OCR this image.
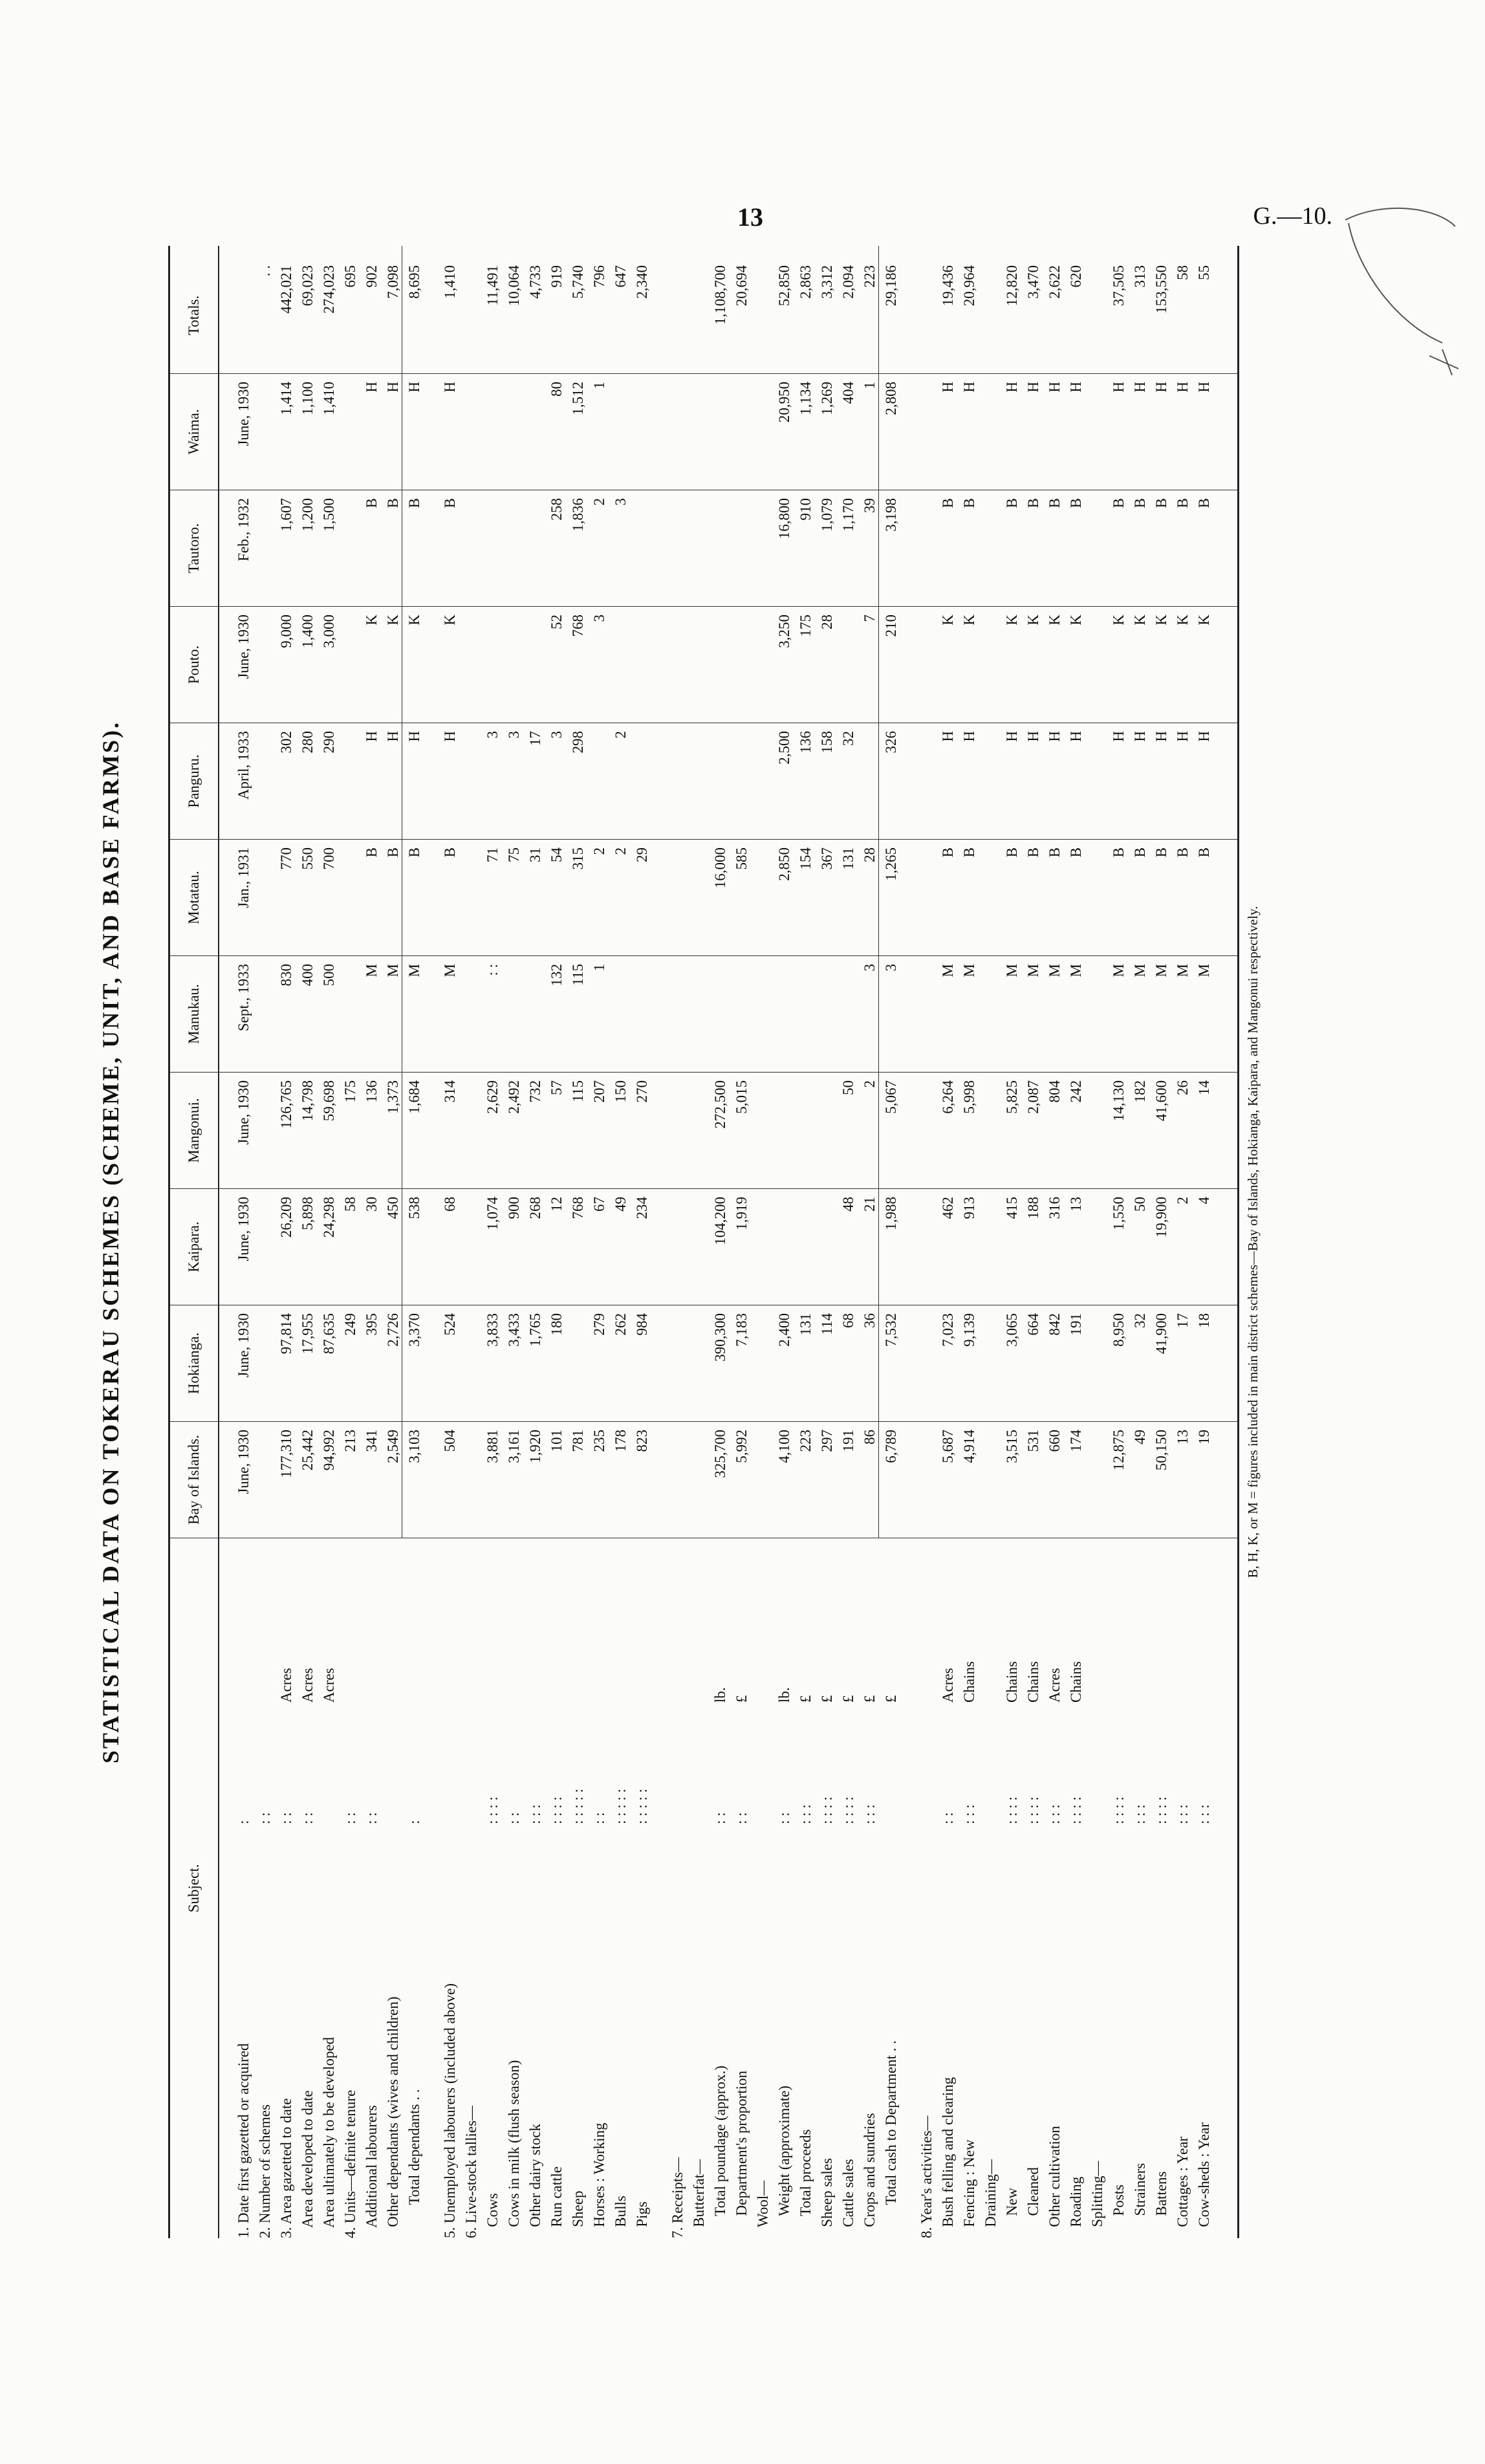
13	G.—10.
STATISTICAL DATA ON TOKERAU SCHEMES (SCHEME, UNIT, AND BASE FARMS).
Subject.
Bay of Islands.
Hokianga.
Kaipara.
Mangonui.
Manukau.
Motatau.
Panguru.
Pouto.
Tautoro.
Waima.
Totals.
1. Date first gazetted or acquired
:
June, 1930
June, 1930
June, 1930
June, 1930
Sept., 1933
Jan., 1931
April, 1933
June, 1930
Feb., 1932
June, 1930
2. Number of schemes
: :
. .
3. Area gazetted to date
: :
Acres
177,310
97,814
26,209
126,765
830
770
302
9,000
1,607
1,414
442,021
Area developed to date
: :
Acres
25,442
17,955
5,898
14,798
400
550
280
1,400
1,200
1,100
69,023
Area ultimately to be developed
Acres
94,992
87,635
24,298
59,698
500
700
290
3,000
1,500
1,410
274,023
4. Units—definite tenure
: :
213
249
58
175
695
Additional labourers
: :
341
395
30
136
M
B
H
K
B
H
902
Other dependants (wives and children)
2,549
2,726
450
1,373
M
B
H
K
B
H
7,098
Total dependants . .
:
3,103
3,370
538
1,684
M
B
H
K
B
H
8,695
5. Unemployed labourers (included above)
504
524
68
314
M
B
H
K
B
H
1,410
6. Live-stock tallies— Cows
: : : :
3,881
3,833
1,074
2,629
: :
71
3
11,491
Cows in milk (flush season)
: :
3,161
3,433
900
2,492
75
3
10,064
Other dairy stock
: : :
1,920
1,765
268
732
31
17
4,733
Run cattle
: : : :
101
180
12
57
132
54
3
52
258
80
919
Sheep
: : : : :
781
768
115
115
315
298
768
1,836
1,512
5,740
Horses : Working
: :
235
279
67
207
1
2
3
2
1
796
Bulls
: : : : :
178
262
49
150
2
2
3
647
Pigs
: : : : :
823
984
234
270
29
2,340
7. Receipts— Butterfat— Total poundage (approx.)
: :
lb.
325,700
390,300
104,200
272,500
16,000
1,108,700
Department's proportion
: :
£
5,992
7,183
1,919
5,015
585
20,694
Wool— Weight (approximate)
: :
lb.
4,100
2,400
2,850
2,500
3,250
16,800
20,950
52,850
Total proceeds
: : :
£
223
131
154
136
175
910
1,134
2,863
Sheep sales
: : : :
£
297
114
367
158
28
1,079
1,269
3,312
Cattle sales
: : : :
£
191
68
48
50
131
32
1,170
404
2,094
Crops and sundries
: : :
£
86
36
21
2
3
28
7
39
1
223
Total cash to Department . .
£
6,789
7,532
1,988
5,067
3
1,265
326
210
3,198
2,808
29,186
8. Year's activities— Bush felling and clearing
: :
Acres
5,687
7,023
462
6,264
M
B
H
K
B
H
19,436
Fencing : New
: : :
Chains
4,914
9,139
913
5,998
M
B
H
K
B
H
20,964
Draining— New
: : : :
Chains
3,515
3,065
415
5,825
M
B
H
K
B
H
12,820
Cleaned
: : : :
Chains
531
664
188
2,087
M
B
H
K
B
H
3,470
Other cultivation
: : :
Acres
660
842
316
804
M
B
H
K
B
H
2,622
Roading
: : : :
Chains
174
191
13
242
M
B
H
K
B
H
620
Splitting— Posts
: : : :
12,875
8,950
1,550
14,130
M
B
H
K
B
H
37,505
Strainers
: : :
49
32
50
182
M
B
H
K
B
H
313
Battens
: : : :
50,150
41,900
19,900
41,600
M
B
H
K
B
H
153,550
Cottages : Year
: : :
13
17
2
26
M
B
H
K
B
H
58
Cow-sheds : Year
: : :
19
18
4
14
M
B
H
K
B
H
55
B, H, K, or M = figures included in main district schemes—Bay of Islands, Hokianga, Kaipara, and Mangonui respectively.
